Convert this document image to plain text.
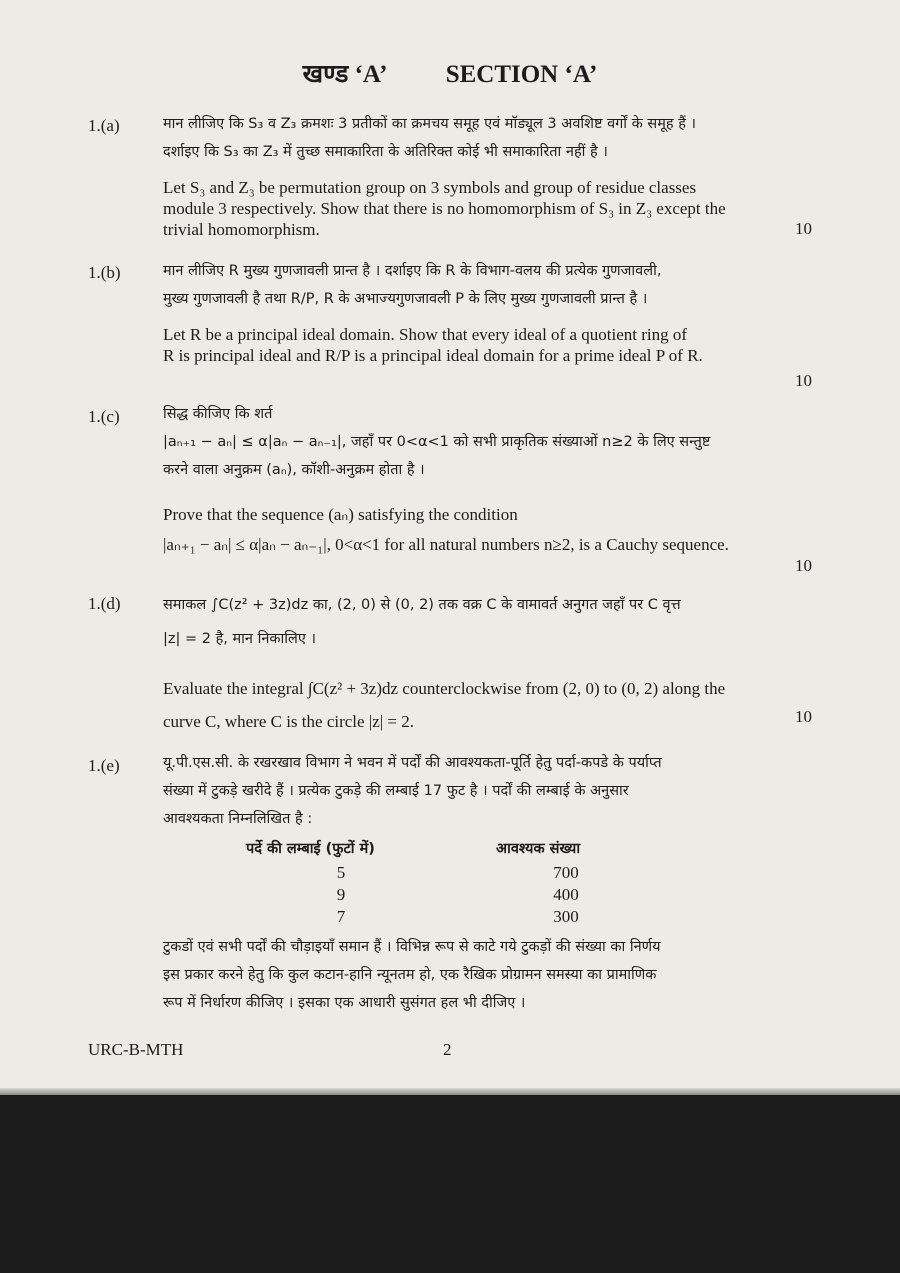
खण्ड ‘A’ SECTION ‘A’
1.(a)	मान लीजिए कि S₃ व Z₃ क्रमशः 3 प्रतीकों का क्रमचय समूह एवं मॉड्यूल 3 अवशिष्ट वर्गों के समूह हैं ।
दर्शाइए कि S₃ का Z₃ में तुच्छ समाकारिता के अतिरिक्त कोई भी समाकारिता नहीं है ।

Let S₃ and Z₃ be permutation group on 3 symbols and group of residue classes
module 3 respectively. Show that there is no homomorphism of S₃ in Z₃ except the
trivial homomorphism.	10
1.(b)	मान लीजिए R मुख्य गुणजावली प्रान्त है । दर्शाइए कि R के विभाग-वलय की प्रत्येक गुणजावली,
मुख्य गुणजावली है तथा R/P, R के अभाज्यगुणजावली P के लिए मुख्य गुणजावली प्रान्त है ।

Let R be a principal ideal domain. Show that every ideal of a quotient ring of
R is principal ideal and R/P is a principal ideal domain for a prime ideal P of R.

10
1.(c)	सिद्ध कीजिए कि शर्त
|aₙ₊₁ − aₙ| ≤ α|aₙ − aₙ₋₁|, जहाँ पर 0<α<1 को सभी प्राकृतिक संख्याओं n≥2 के लिए सन्तुष्ट
करने वाला अनुक्रम (aₙ), कॉशी-अनुक्रम होता है ।

Prove that the sequence (aₙ) satisfying the condition
|aₙ₊₁ − aₙ| ≤ α|aₙ − aₙ₋₁|, 0<α<1 for all natural numbers n≥2, is a Cauchy sequence.

10
1.(d)	समाकल ∫C(z² + 3z)dz का, (2, 0) से (0, 2) तक वक्र C के वामावर्त अनुगत जहाँ पर C वृत्त
|z| = 2 है, मान निकालिए ।

Evaluate the integral ∫C(z² + 3z)dz counterclockwise from (2, 0) to (0, 2) along the
curve C, where C is the circle |z| = 2.	10
1.(e)	यू.पी.एस.सी. के रखरखाव विभाग ने भवन में पर्दों की आवश्यकता-पूर्ति हेतु पर्दा-कपडे के पर्याप्त
संख्या में टुकड़े खरीदे हैं । प्रत्येक टुकड़े की लम्बाई 17 फुट है । पर्दों की लम्बाई के अनुसार
आवश्यकता निम्नलिखित है :

टुकडों एवं सभी पर्दों की चौड़ाइयाँ समान हैं । विभिन्न रूप से काटे गये टुकड़ों की संख्या का निर्णय
इस प्रकार करने हेतु कि कुल कटान-हानि न्यूनतम हो, एक रैखिक प्रोग्रामन समस्या का प्रामाणिक
रूप में निर्धारण कीजिए । इसका एक आधारी सुसंगत हल भी दीजिए ।

पर्दे की लम्बाई (फुटों में)	आवश्यक संख्या
5	700
9	400
7	300
URC-B-MTH	2
